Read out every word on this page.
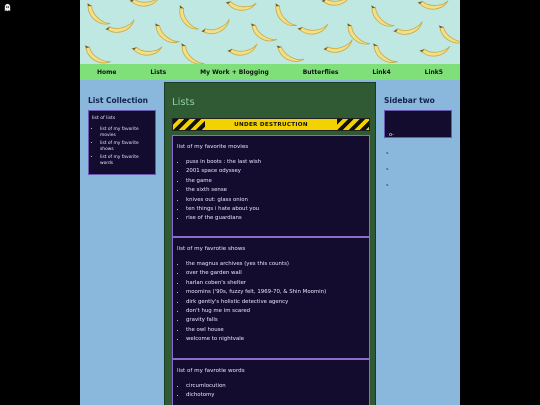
Home	Lists	My Work + Blogging	Butterflies	Link4	Link5
List Collection
list of lists
• list of my favorite movies
• list of my favorite shows
• list of my favorite words
Lists
UNDER DESTRUCTION
list of my favorite movies
• puss in boots : the last wish
• 2001 space odyssey
• the game
• the sixth sense
• knives out: glass onion
• ten things i hate about you
• rise of the guardians
list of my favrotie shows
• the magnus archives (yes this counts)
• over the garden wall
• harlan coben's shelter
• moomins ('90s, fuzzy felt, 1969-70, & Shin Moomin)
• dirk gently's holistic detective agency
• don't hug me im scared
• gravity falls
• the owl house
• welcome to nightvale
list of my favrotie words
• circumlocution
• dichotomy
Sidebar two
o-
-
-
-
